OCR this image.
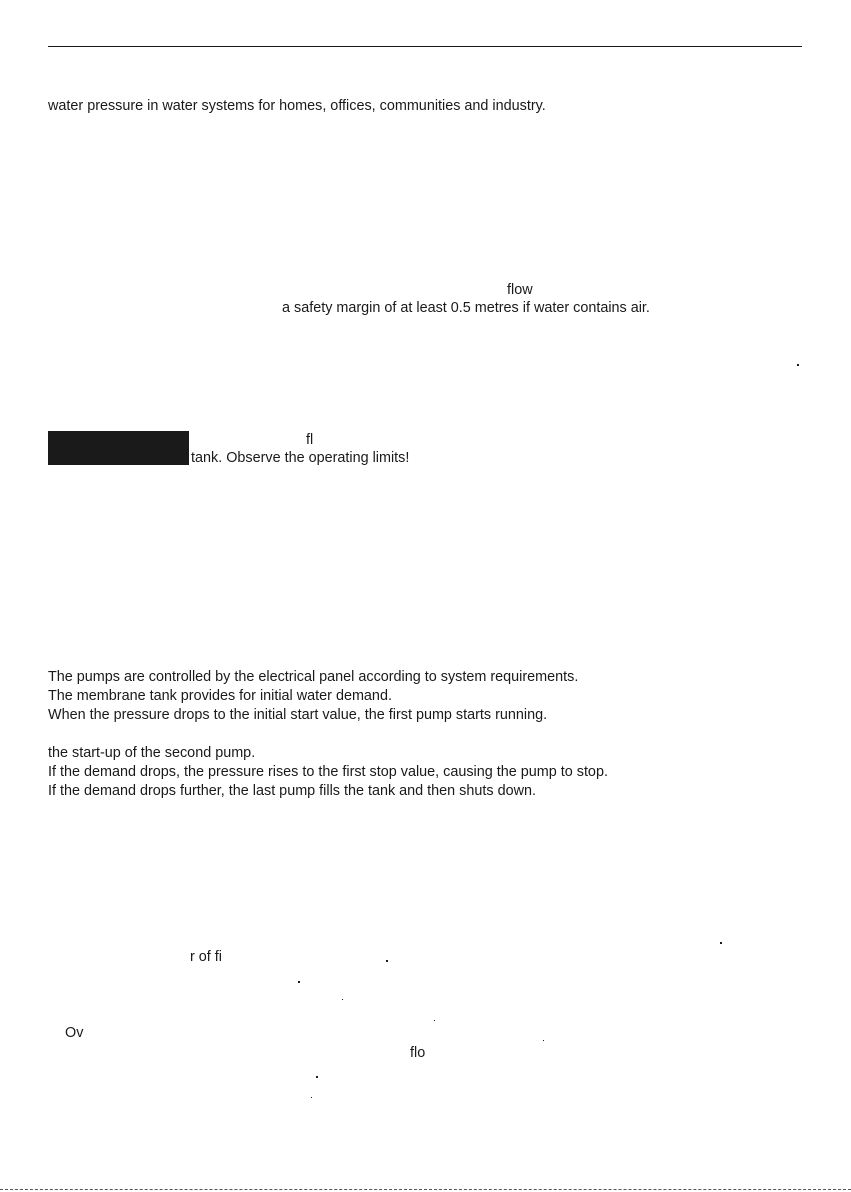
water pressure in water systems for homes, offices, communities and industry.
flow
a safety margin of at least 0.5 metres if water contains air.
fl
tank. Observe the operating limits!
The pumps are controlled by the electrical panel according to system requirements.
The membrane tank provides for initial water demand.
When the pressure drops to the initial start value, the first pump starts running.
the start-up of the second pump.
If the demand drops, the pressure rises to the first stop value, causing the pump to stop.
If the demand drops further, the last pump fills the tank and then shuts down.
r of fi
Ov
flo
